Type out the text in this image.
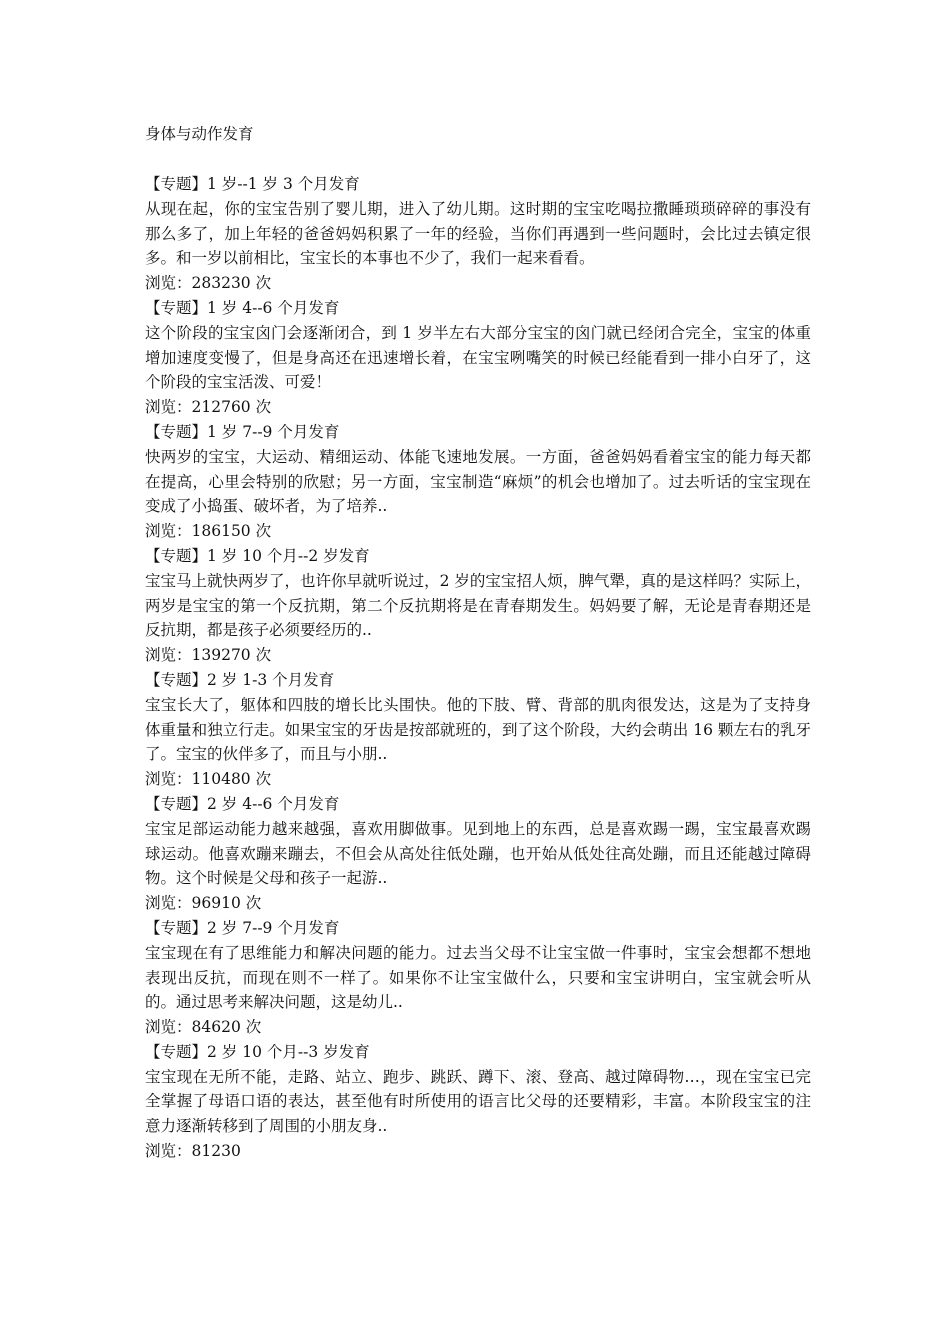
身体与动作发育
【专题】1 岁--1 岁 3 个月发育
从现在起，你的宝宝告别了婴儿期，进入了幼儿期。这时期的宝宝吃喝拉撒睡琐琐碎碎的事没有那么多了，加上年轻的爸爸妈妈积累了一年的经验，当你们再遇到一些问题时，会比过去镇定很多。和一岁以前相比，宝宝长的本事也不少了，我们一起来看看。
浏览：283230 次
【专题】1 岁 4--6 个月发育
这个阶段的宝宝囟门会逐渐闭合，到 1 岁半左右大部分宝宝的囟门就已经闭合完全，宝宝的体重增加速度变慢了，但是身高还在迅速增长着，在宝宝咧嘴笑的时候已经能看到一排小白牙了，这个阶段的宝宝活泼、可爱！
浏览：212760 次
【专题】1 岁 7--9 个月发育
快两岁的宝宝，大运动、精细运动、体能飞速地发展。一方面，爸爸妈妈看着宝宝的能力每天都在提高，心里会特别的欣慰；另一方面，宝宝制造“麻烦”的机会也增加了。过去听话的宝宝现在变成了小捣蛋、破坏者，为了培养..
浏览：186150 次
【专题】1 岁 10 个月--2 岁发育
宝宝马上就快两岁了，也许你早就听说过，2 岁的宝宝招人烦，脾气犟，真的是这样吗？实际上，两岁是宝宝的第一个反抗期，第二个反抗期将是在青春期发生。妈妈要了解，无论是青春期还是反抗期，都是孩子必须要经历的..
浏览：139270 次
【专题】2 岁 1-3 个月发育
宝宝长大了，躯体和四肢的增长比头围快。他的下肢、臂、背部的肌肉很发达，这是为了支持身体重量和独立行走。如果宝宝的牙齿是按部就班的，到了这个阶段，大约会萌出 16 颗左右的乳牙了。宝宝的伙伴多了，而且与小朋..
浏览：110480 次
【专题】2 岁 4--6 个月发育
宝宝足部运动能力越来越强，喜欢用脚做事。见到地上的东西，总是喜欢踢一踢，宝宝最喜欢踢球运动。他喜欢蹦来蹦去，不但会从高处往低处蹦，也开始从低处往高处蹦，而且还能越过障碍物。这个时候是父母和孩子一起游..
浏览：96910 次
【专题】2 岁 7--9 个月发育
宝宝现在有了思维能力和解决问题的能力。过去当父母不让宝宝做一件事时，宝宝会想都不想地表现出反抗，而现在则不一样了。如果你不让宝宝做什么，只要和宝宝讲明白，宝宝就会听从的。通过思考来解决问题，这是幼儿..
浏览：84620 次
【专题】2 岁 10 个月--3 岁发育
宝宝现在无所不能，走路、站立、跑步、跳跃、蹲下、滚、登高、越过障碍物…，现在宝宝已完全掌握了母语口语的表达，甚至他有时所使用的语言比父母的还要精彩，丰富。本阶段宝宝的注意力逐渐转移到了周围的小朋友身..
浏览：81230
